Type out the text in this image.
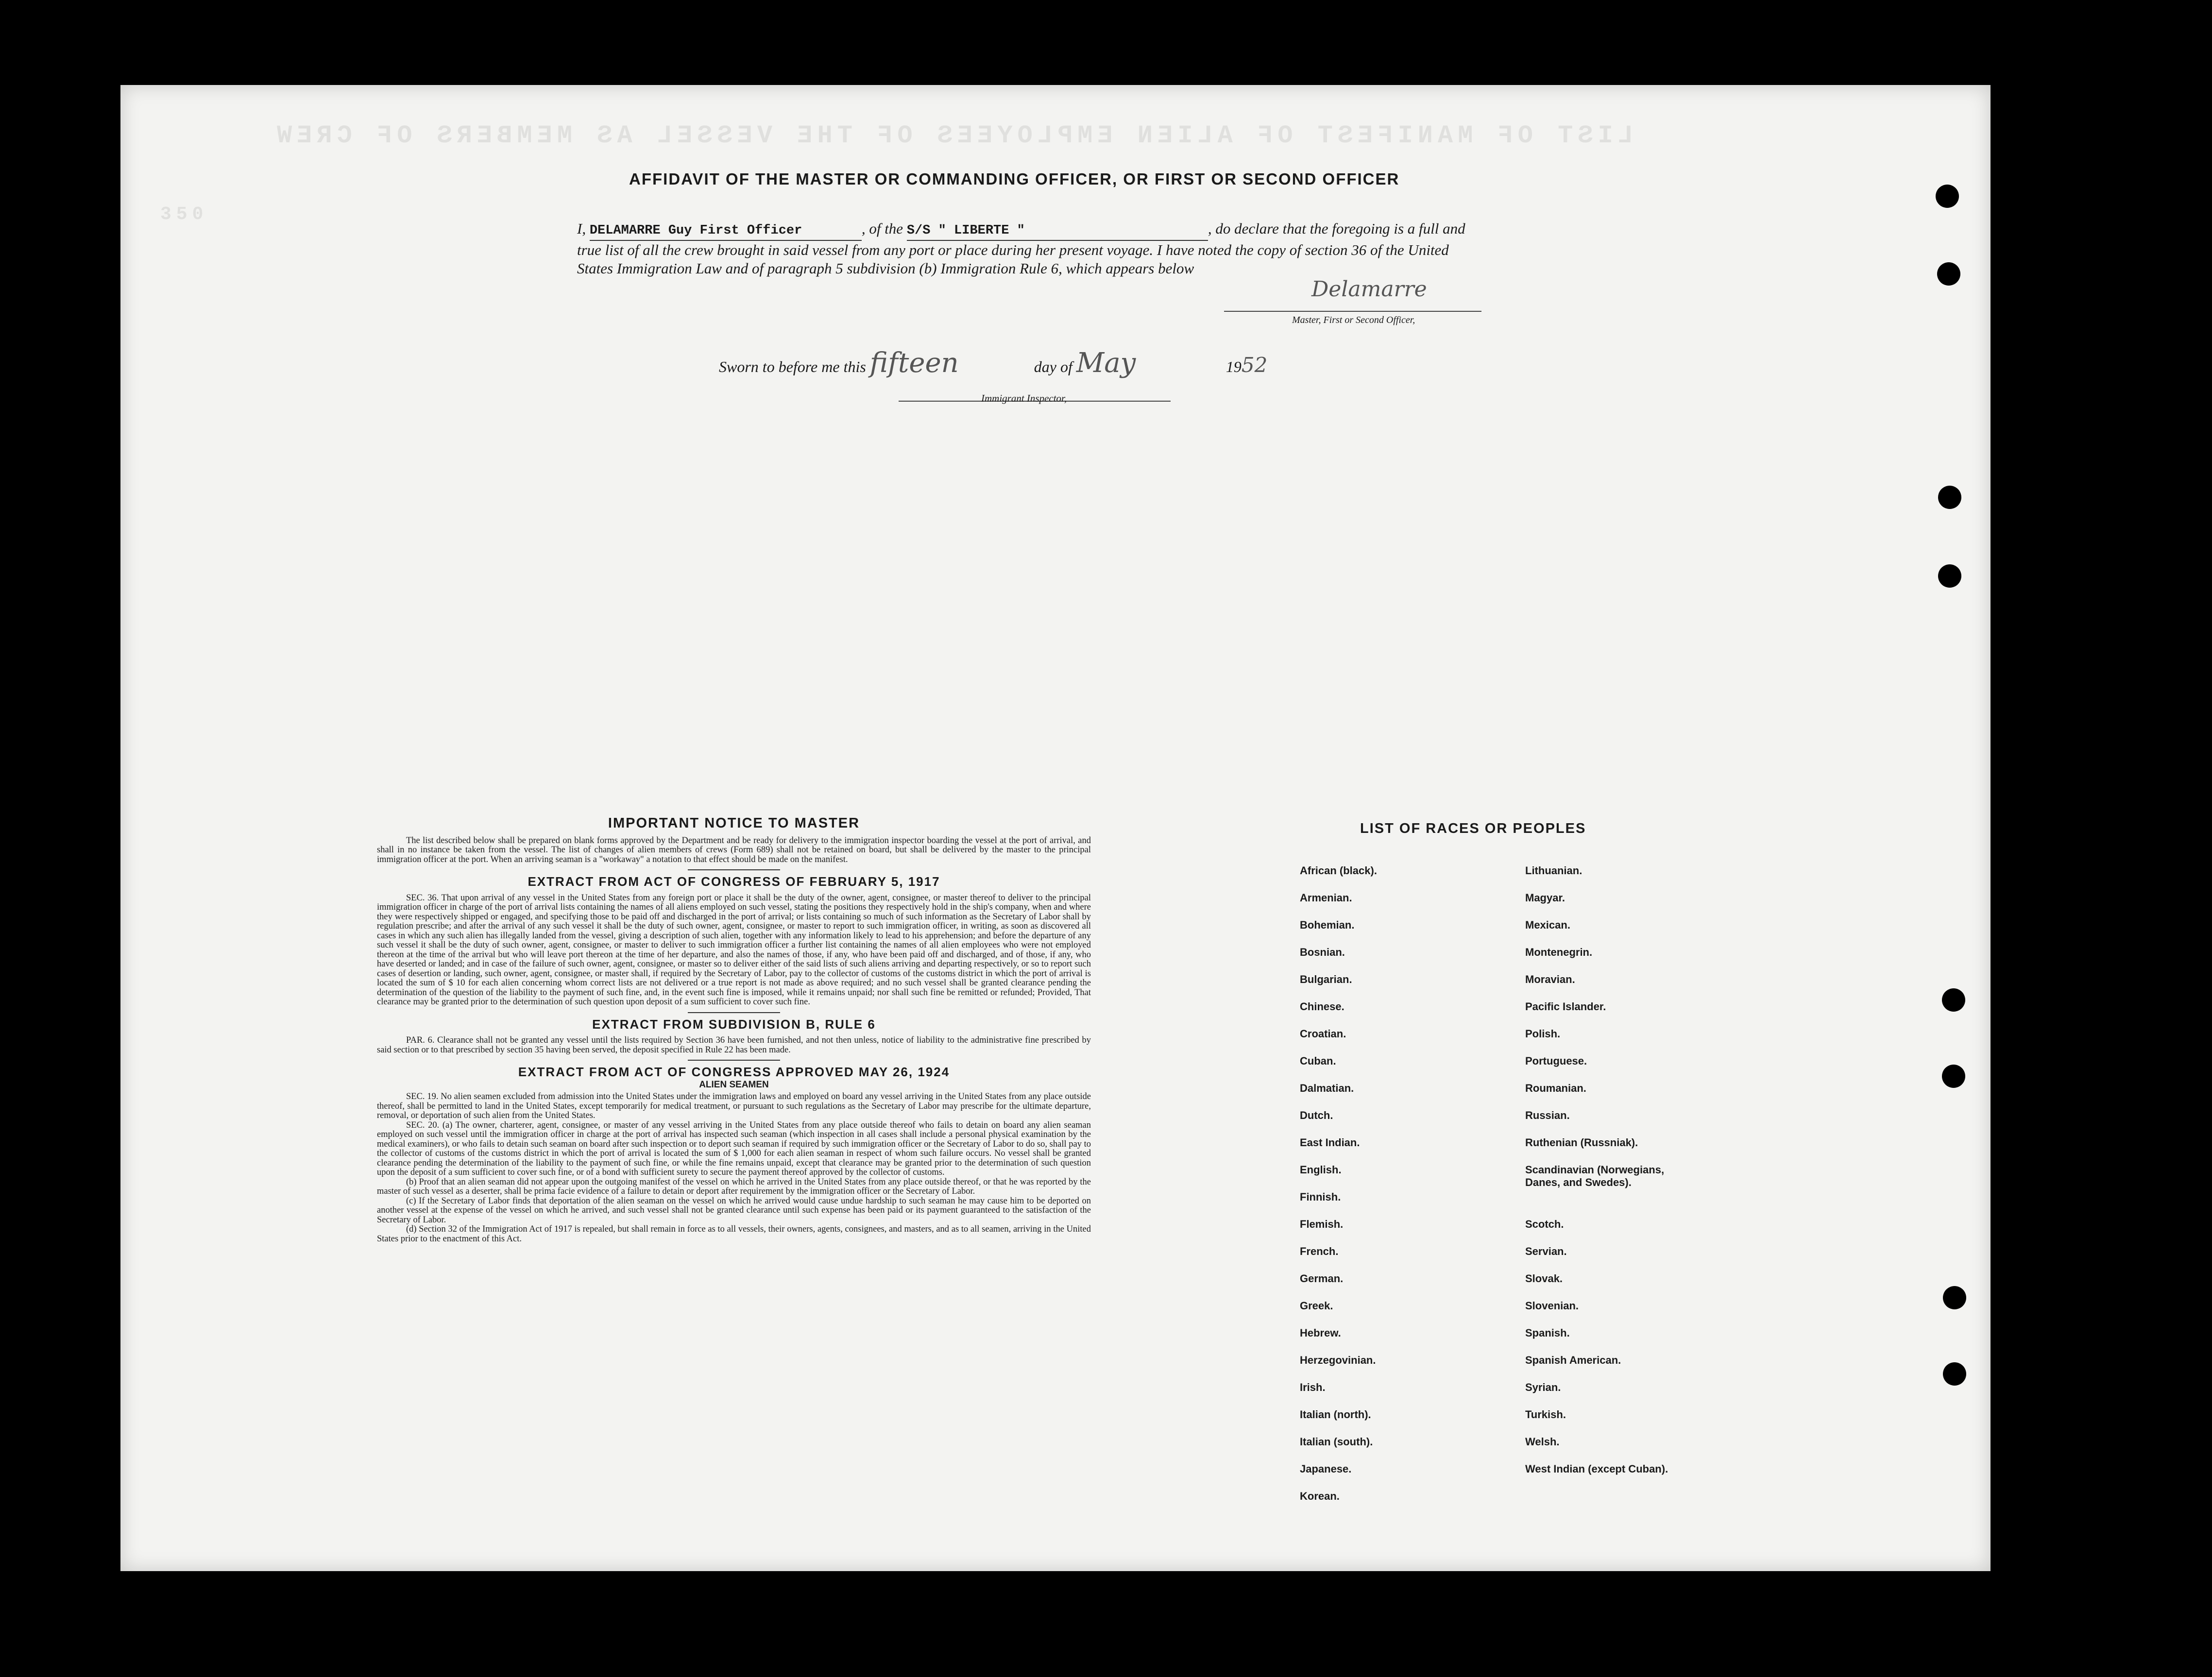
LIST OF MANIFEST OF ALIEN EMPLOYEES OF THE VESSEL AS MEMBERS OF CREW
350
AFFIDAVIT OF THE MASTER OR COMMANDING OFFICER, OR FIRST OR SECOND OFFICER
I, DELAMARRE Guy First Officer	, of the S/S " LIBERTE "	, do declare that the foregoing is a full and true list of all the crew brought in said vessel from any port or place during her present voyage. I have noted the copy of section 36 of the United States Immigration Law and of paragraph 5 subdivision (b) Immigration Rule 6, which appears below
Delamarre
Master, First or Second Officer,
Sworn to before me this fifteen	day of May	1952
Immigrant Inspector,
IMPORTANT NOTICE TO MASTER

The list described below shall be prepared on blank forms approved by the Department and be ready for delivery to the immigration inspector boarding the vessel at the port of arrival, and shall in no instance be taken from the vessel. The list of changes of alien members of crews (Form 689) shall not be retained on board, but shall be delivered by the master to the principal immigration officer at the port. When an arriving seaman is a "workaway" a notation to that effect should be made on the manifest.

EXTRACT FROM ACT OF CONGRESS OF FEBRUARY 5, 1917

SEC. 36. That upon arrival of any vessel in the United States from any foreign port or place it shall be the duty of the owner, agent, consignee, or master thereof to deliver to the principal immigration officer in charge of the port of arrival lists containing the names of all aliens employed on such vessel, stating the positions they respectively hold in the ship's company, when and where they were respectively shipped or engaged, and specifying those to be paid off and discharged in the port of arrival; or lists containing so much of such information as the Secretary of Labor shall by regulation prescribe; and after the arrival of any such vessel it shall be the duty of such owner, agent, consignee, or master to report to such immigration officer, in writing, as soon as discovered all cases in which any such alien has illegally landed from the vessel, giving a description of such alien, together with any information likely to lead to his apprehension; and before the departure of any such vessel it shall be the duty of such owner, agent, consignee, or master to deliver to such immigration officer a further list containing the names of all alien employees who were not employed thereon at the time of the arrival but who will leave port thereon at the time of her departure, and also the names of those, if any, who have been paid off and discharged, and of those, if any, who have deserted or landed; and in case of the failure of such owner, agent, consignee, or master so to deliver either of the said lists of such aliens arriving and departing respectively, or so to report such cases of desertion or landing, such owner, agent, consignee, or master shall, if required by the Secretary of Labor, pay to the collector of customs of the customs district in which the port of arrival is located the sum of $ 10 for each alien concerning whom correct lists are not delivered or a true report is not made as above required; and no such vessel shall be granted clearance pending the determination of the question of the liability to the payment of such fine, and, in the event such fine is imposed, while it remains unpaid; nor shall such fine be remitted or refunded; Provided, That clearance may be granted prior to the determination of such question upon deposit of a sum sufficient to cover such fine.

EXTRACT FROM SUBDIVISION B, RULE 6

PAR. 6. Clearance shall not be granted any vessel until the lists required by Section 36 have been furnished, and not then unless, notice of liability to the administrative fine prescribed by said section or to that prescribed by section 35 having been served, the deposit specified in Rule 22 has been made.

EXTRACT FROM ACT OF CONGRESS APPROVED MAY 26, 1924
ALIEN SEAMEN

SEC. 19. No alien seamen excluded from admission into the United States under the immigration laws and employed on board any vessel arriving in the United States from any place outside thereof, shall be permitted to land in the United States, except temporarily for medical treatment, or pursuant to such regulations as the Secretary of Labor may prescribe for the ultimate departure, removal, or deportation of such alien from the United States.

SEC. 20. (a) The owner, charterer, agent, consignee, or master of any vessel arriving in the United States from any place outside thereof who fails to detain on board any alien seaman employed on such vessel until the immigration officer in charge at the port of arrival has inspected such seaman (which inspection in all cases shall include a personal physical examination by the medical examiners), or who fails to detain such seaman on board after such inspection or to deport such seaman if required by such immigration officer or the Secretary of Labor to do so, shall pay to the collector of customs of the customs district in which the port of arrival is located the sum of $ 1,000 for each alien seaman in respect of whom such failure occurs. No vessel shall be granted clearance pending the determination of the liability to the payment of such fine, or while the fine remains unpaid, except that clearance may be granted prior to the determination of such question upon the deposit of a sum sufficient to cover such fine, or of a bond with sufficient surety to secure the payment thereof approved by the collector of customs.

(b) Proof that an alien seaman did not appear upon the outgoing manifest of the vessel on which he arrived in the United States from any place outside thereof, or that he was reported by the master of such vessel as a deserter, shall be prima facie evidence of a failure to detain or deport after requirement by the immigration officer or the Secretary of Labor.

(c) If the Secretary of Labor finds that deportation of the alien seaman on the vessel on which he arrived would cause undue hardship to such seaman he may cause him to be deported on another vessel at the expense of the vessel on which he arrived, and such vessel shall not be granted clearance until such expense has been paid or its payment guaranteed to the satisfaction of the Secretary of Labor.

(d) Section 32 of the Immigration Act of 1917 is repealed, but shall remain in force as to all vessels, their owners, agents, consignees, and masters, and as to all seamen, arriving in the United States prior to the enactment of this Act.

LIST OF RACES OR PEOPLES
African (black).
Armenian.
Bohemian.
Bosnian.
Bulgarian.
Chinese.
Croatian.
Cuban.
Dalmatian.
Dutch.
East Indian.
English.
Finnish.
Flemish.
French.
German.
Greek.
Hebrew.
Herzegovinian.
Irish.
Italian (north).
Italian (south).
Japanese.
Korean.
Lithuanian.
Magyar.
Mexican.
Montenegrin.
Moravian.
Pacific Islander.
Polish.
Portuguese.
Roumanian.
Russian.
Ruthenian (Russniak).
Scandinavian (Norwegians, Danes, and Swedes).
Scotch.
Servian.
Slovak.
Slovenian.
Spanish.
Spanish American.
Syrian.
Turkish.
Welsh.
West Indian (except Cuban).
